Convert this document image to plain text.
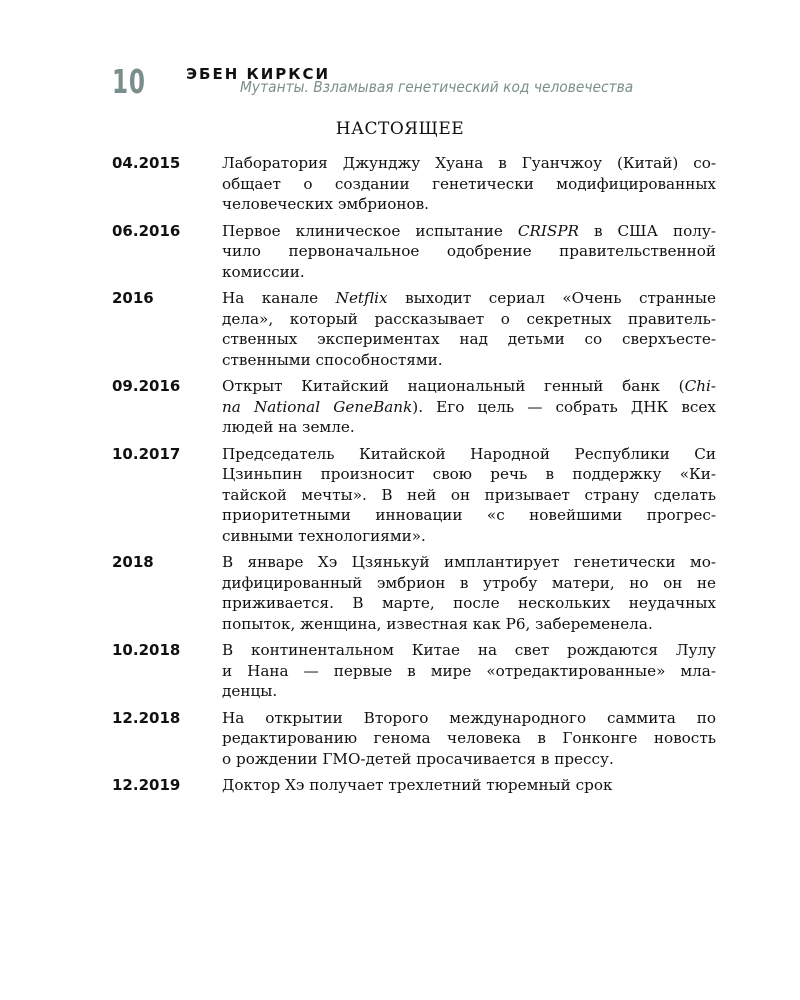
10	ЭБЕН КИРКСИ
Мутанты. Взламывая генетический код человечества
НАСТОЯЩЕЕ
04.2015	Лаборатория Джунджу Хуана в Гуанчжоу (Китай) со-
общает о создании генетически модифицированных
человеческих эмбрионов.
06.2016	Первое клиническое испытание CRISPR в США полу-
чило первоначальное одобрение правительственной
комиссии.
2016	На канале Netflix выходит сериал «Очень странные
дела», который рассказывает о секретных правитель-
ственных экспериментах над детьми со сверхъесте-
ственными способностями.
09.2016	Открыт Китайский национальный генный банк (Chi-
na National GeneBank). Его цель — собрать ДНК всех
людей на земле.
10.2017	Председатель Китайской Народной Республики Си
Цзиньпин произносит свою речь в поддержку «Ки-
тайской мечты». В ней он призывает страну сделать
приоритетными инновации «с новейшими прогрес-
сивными технологиями».
2018	В январе Хэ Цзянькуй имплантирует генетически мо-
дифицированный эмбрион в утробу матери, но он не
приживается. В марте, после нескольких неудачных
попыток, женщина, известная как Р6, забеременела.
10.2018	В континентальном Китае на свет рождаются Лулу
и Нана — первые в мире «отредактированные» мла-
денцы.
12.2018	На открытии Второго международного саммита по
редактированию генома человека в Гонконге новость
о рождении ГМО-детей просачивается в прессу.
12.2019	Доктор Хэ получает трехлетний тюремный срок
